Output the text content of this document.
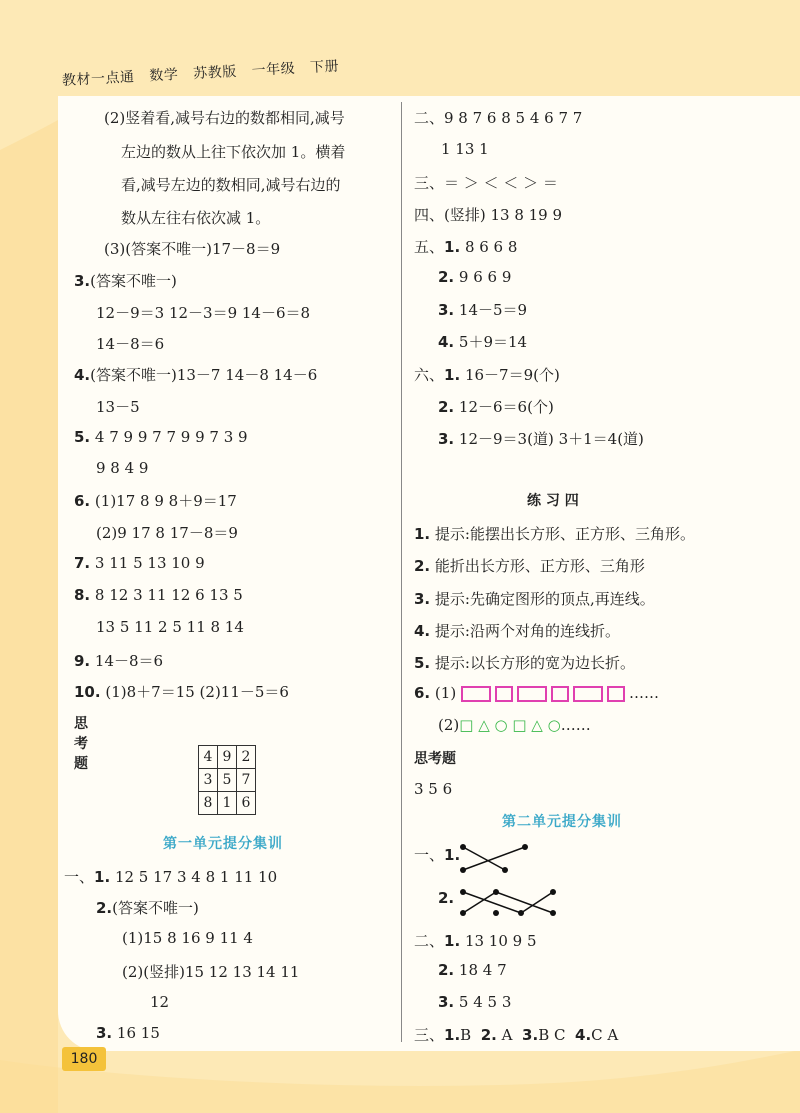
教材一点通 数学 苏教版 一年级 下册
(2)竖着看,减号右边的数都相同,减号
左边的数从上往下依次加 1。横着
看,减号左边的数相同,减号右边的
数从左往右依次减 1。
(3)(答案不唯一)17－8＝9
3.(答案不唯一)
12－9＝3 12－3＝9 14－6＝8
14－8＝6
4.(答案不唯一)13－7 14－8 14－6
13－5
5. 4 7 9 9 7 7 9 9 7 3 9
9 8 4 9
6. (1)17 8 9 8＋9＝17
(2)9 17 8 17－8＝9
7. 3 11 5 13 10 9
8. 8 12 3 11 12 6 13 5
13 5 11 2 5 11 8 14
9. 14－8＝6
10. (1)8＋7＝15 (2)11－5＝6
思考题	4	9	2
3	5	7
8	1	6
第一单元提分集训
一、1. 12 5 17 3 4 8 1 11 10
2.(答案不唯一)
(1)15 8 16 9 11 4
(2)(竖排)15 12 13 14 11
12
3. 16 15
二、9 8 7 6 8 5 4 6 7 7
1 13 1
三、＝ ＞ ＜ ＜ ＞ ＝
四、(竖排) 13 8 19 9
五、1. 8 6 6 8
2. 9 6 6 9
3. 14－5＝9
4. 5＋9＝14
六、1. 16－7＝9(个)
2. 12－6＝6(个)
3. 12－9＝3(道) 3＋1＝4(道)
练 习 四
1. 提示:能摆出长方形、正方形、三角形。
2. 能折出长方形、正方形、三角形
3. 提示:先确定图形的顶点,再连线。
4. 提示:沿两个对角的连线折。
5. 提示:以长方形的宽为边长折。
6. (1)	……
(2)□ △ ○ □ △ ○……
思考题
3 5 6
第二单元提分集训
一、1.
2.
二、1. 13 10 9 5
2. 18 4 7
3. 5 4 5 3
三、1.B 2. A 3.B C 4.C A
180
